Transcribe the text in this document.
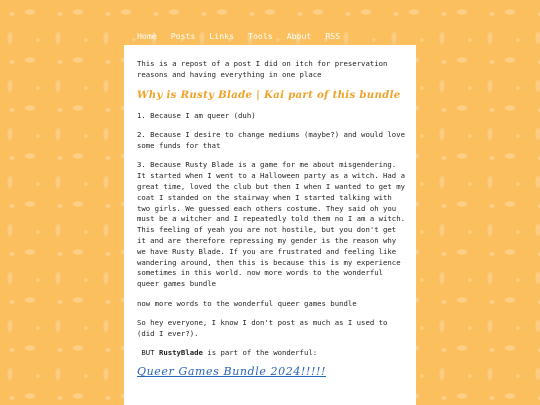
Home Posts Links Tools About RSS

This is a repost of a post I did on itch for preservation reasons and having everything in one place

Why is Rusty Blade | Kai part of this bundle

1. Because I am queer (duh)

2. Because I desire to change mediums (maybe?) and would love some funds for that

3. Because Rusty Blade is a game for me about misgendering. It started when I went to a Halloween party as a witch. Had a great time, loved the club but then I when I wanted to get my coat I standed on the stairway when I started talking with two girls. We guessed each others costume. They said oh you must be a witcher and I repeatedly told them no I am a witch. This feeling of yeah you are not hostile, but you don't get it and are therefore repressing my gender is the reason why we have Rusty Blade. If you are frustrated and feeling like wandering around, then this is because this is my experience sometimes in this world. now more words to the wonderful queer games bundle

now more words to the wonderful queer games bundle

So hey everyone, I know I don't post as much as I used to (did I ever?).

BUT RustyBlade is part of the wonderful:

Queer Games Bundle 2024!!!!!
